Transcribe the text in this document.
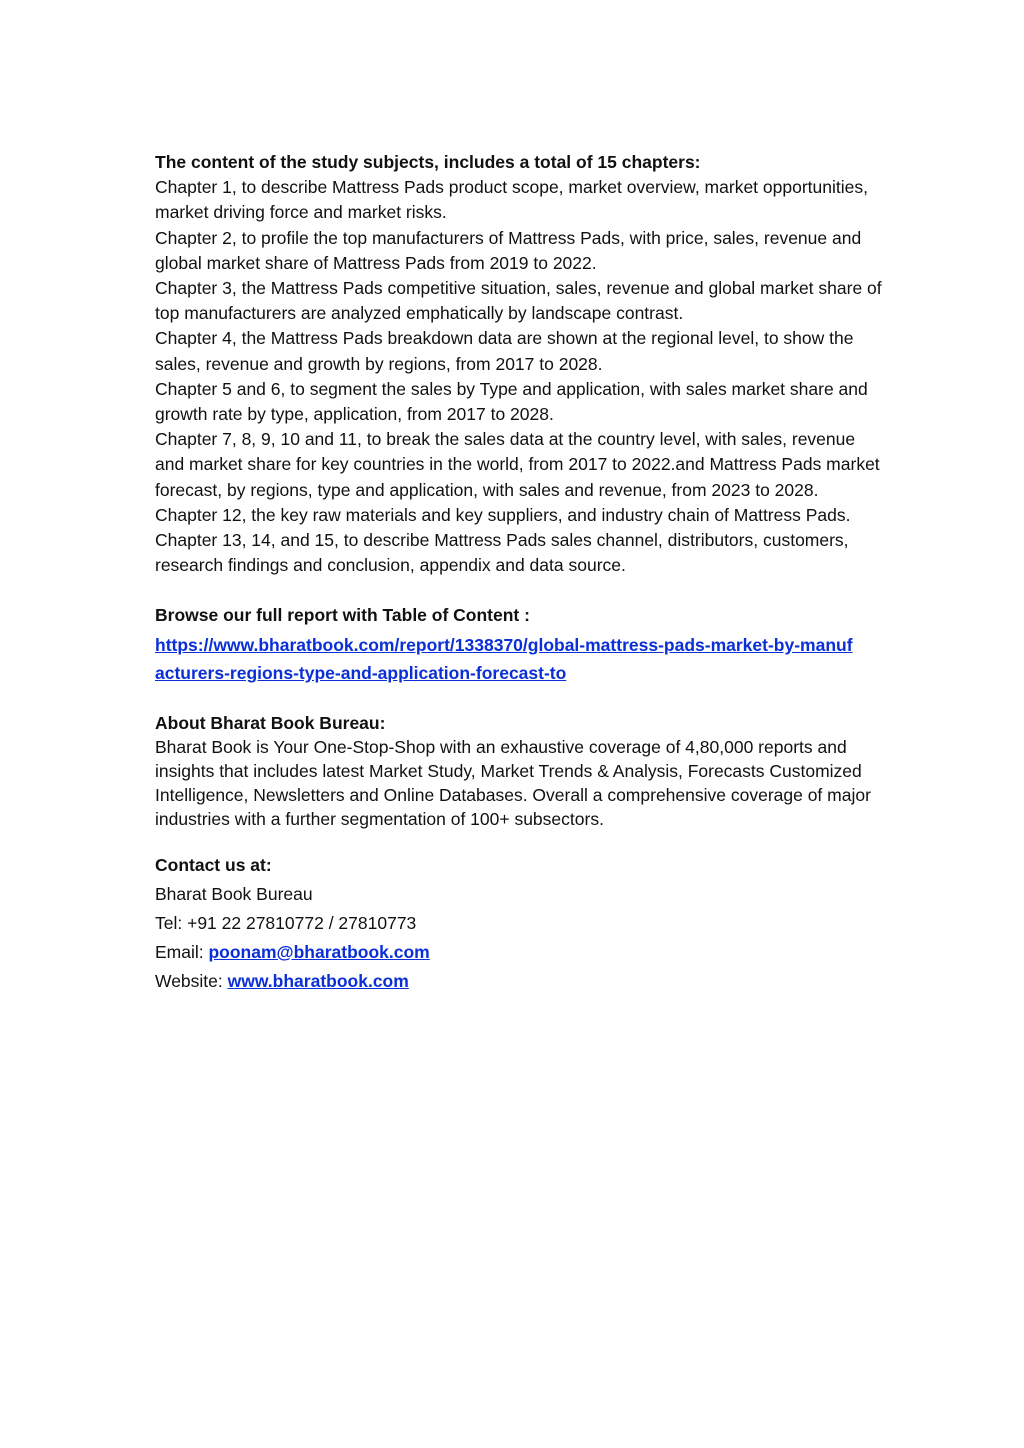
The content of the study subjects, includes a total of 15 chapters:

Chapter 1, to describe Mattress Pads product scope, market overview, market opportunities, market driving force and market risks.
Chapter 2, to profile the top manufacturers of Mattress Pads, with price, sales, revenue and global market share of Mattress Pads from 2019 to 2022.
Chapter 3, the Mattress Pads competitive situation, sales, revenue and global market share of top manufacturers are analyzed emphatically by landscape contrast.
Chapter 4, the Mattress Pads breakdown data are shown at the regional level, to show the sales, revenue and growth by regions, from 2017 to 2028.
Chapter 5 and 6, to segment the sales by Type and application, with sales market share and growth rate by type, application, from 2017 to 2028.
Chapter 7, 8, 9, 10 and 11, to break the sales data at the country level, with sales, revenue and market share for key countries in the world, from 2017 to 2022.and Mattress Pads market forecast, by regions, type and application, with sales and revenue, from 2023 to 2028.
Chapter 12, the key raw materials and key suppliers, and industry chain of Mattress Pads.
Chapter 13, 14, and 15, to describe Mattress Pads sales channel, distributors, customers, research findings and conclusion, appendix and data source.

Browse our full report with Table of Content :

https://www.bharatbook.com/report/1338370/global-mattress-pads-market-by-manufacturers-regions-type-and-application-forecast-to

About Bharat Book Bureau:

Bharat Book is Your One-Stop-Shop with an exhaustive coverage of 4,80,000 reports and insights that includes latest Market Study, Market Trends & Analysis, Forecasts Customized Intelligence, Newsletters and Online Databases. Overall a comprehensive coverage of major industries with a further segmentation of 100+ subsectors.

Contact us at:
Bharat Book Bureau
Tel: +91 22 27810772 / 27810773
Email: poonam@bharatbook.com
Website: www.bharatbook.com
